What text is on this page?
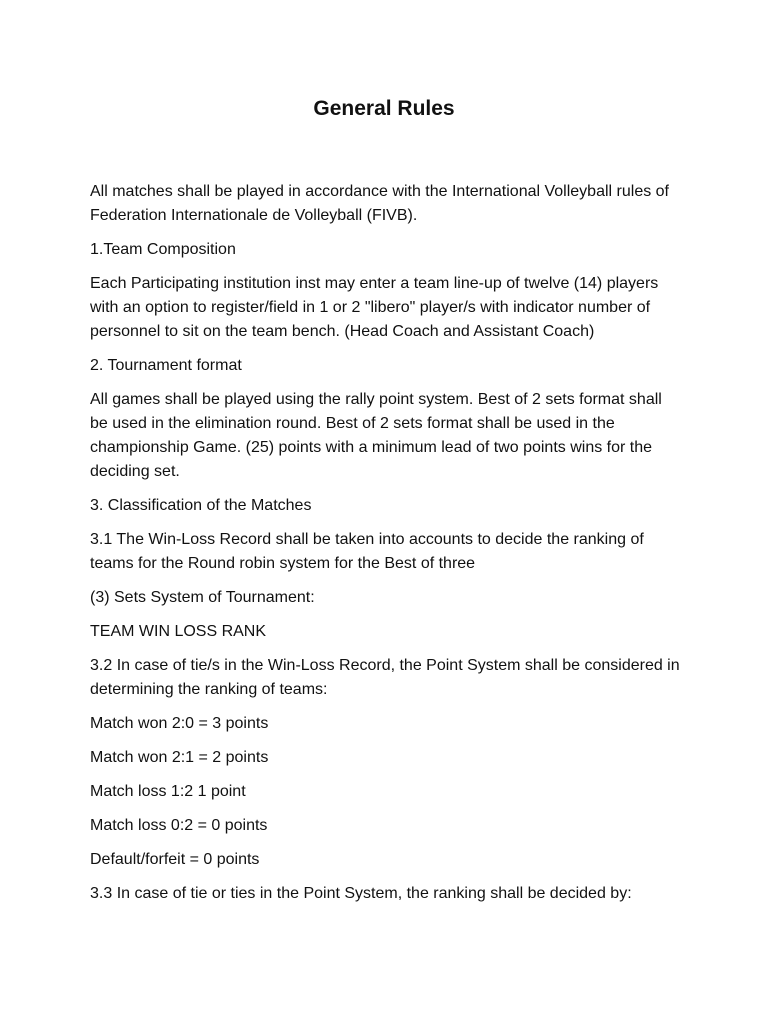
General Rules

All matches shall be played in accordance with the International Volleyball rules of Federation Internationale de Volleyball (FIVB).

1.Team Composition

Each Participating institution inst may enter a team line-up of twelve (14) players with an option to register/field in 1 or 2 "libero" player/s with indicator number of personnel to sit on the team bench. (Head Coach and Assistant Coach)

2. Tournament format

All games shall be played using the rally point system. Best of 2 sets format shall be used in the elimination round. Best of 2 sets format shall be used in the championship Game. (25) points with a minimum lead of two points wins for the deciding set.

3. Classification of the Matches

3.1 The Win-Loss Record shall be taken into accounts to decide the ranking of teams for the Round robin system for the Best of three

(3) Sets System of Tournament:

TEAM WIN LOSS RANK

3.2 In case of tie/s in the Win-Loss Record, the Point System shall be considered in determining the ranking of teams:

Match won 2:0 = 3 points

Match won 2:1 = 2 points

Match loss 1:2 1 point

Match loss 0:2 = 0 points

Default/forfeit = 0 points

3.3 In case of tie or ties in the Point System, the ranking shall be decided by:
